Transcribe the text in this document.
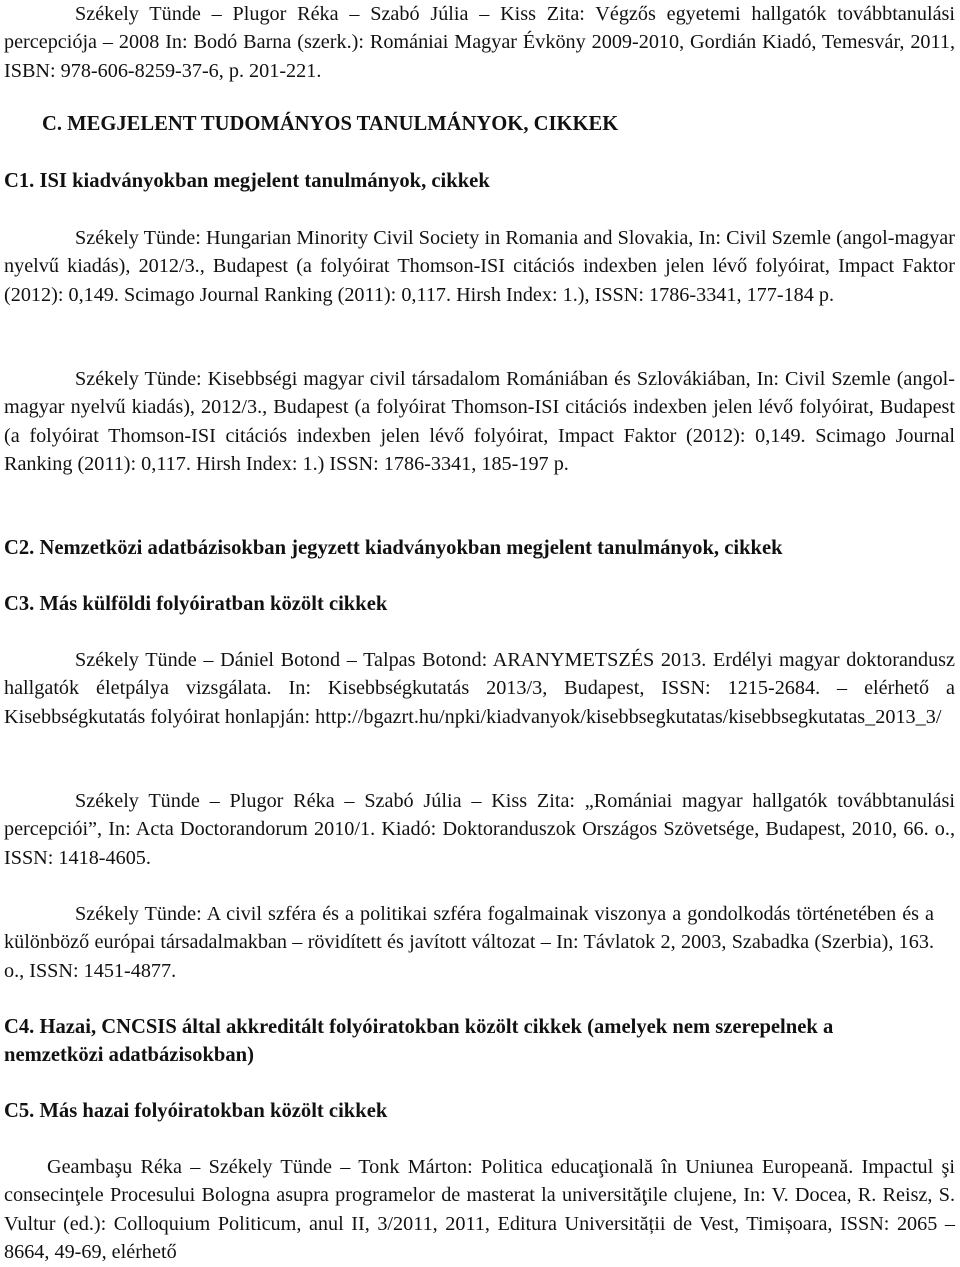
Székely Tünde – Plugor Réka – Szabó Júlia – Kiss Zita: Végzős egyetemi hallgatók továbbtanulási percepciója – 2008 In: Bodó Barna (szerk.): Romániai Magyar Évköny 2009-2010, Gordián Kiadó, Temesvár, 2011, ISBN: 978-606-8259-37-6, p. 201-221.

C. MEGJELENT TUDOMÁNYOS TANULMÁNYOK, CIKKEK

C1. ISI kiadványokban megjelent tanulmányok, cikkek

Székely Tünde: Hungarian Minority Civil Society in Romania and Slovakia, In: Civil Szemle (angol-magyar nyelvű kiadás), 2012/3., Budapest (a folyóirat Thomson-ISI citációs indexben jelen lévő folyóirat, Impact Faktor (2012): 0,149. Scimago Journal Ranking (2011): 0,117. Hirsh Index: 1.), ISSN: 1786-3341, 177-184 p.

Székely Tünde: Kisebbségi magyar civil társadalom Romániában és Szlovákiában, In: Civil Szemle (angol-magyar nyelvű kiadás), 2012/3., Budapest (a folyóirat Thomson-ISI citációs indexben jelen lévő folyóirat, Budapest (a folyóirat Thomson-ISI citációs indexben jelen lévő folyóirat, Impact Faktor (2012): 0,149. Scimago Journal Ranking (2011): 0,117. Hirsh Index: 1.) ISSN: 1786-3341, 185-197 p.

C2. Nemzetközi adatbázisokban jegyzett kiadványokban megjelent tanulmányok, cikkek

C3. Más külföldi folyóiratban közölt cikkek

Székely Tünde – Dániel Botond – Talpas Botond: ARANYMETSZÉS 2013. Erdélyi magyar doktorandusz hallgatók életpálya vizsgálata. In: Kisebbségkutatás 2013/3, Budapest, ISSN: 1215-2684. – elérhető a Kisebbségkutatás folyóirat honlapján: http://bgazrt.hu/npki/kiadvanyok/kisebbsegkutatas/kisebbsegkutatas_2013_3/

Székely Tünde – Plugor Réka – Szabó Júlia – Kiss Zita: „Romániai magyar hallgatók továbbtanulási percepciói”, In: Acta Doctorandorum 2010/1. Kiadó: Doktoranduszok Országos Szövetsége, Budapest, 2010, 66. o., ISSN: 1418-4605.

Székely Tünde: A civil szféra és a politikai szféra fogalmainak viszonya a gondolkodás történetében és a különböző európai társadalmakban – rövidített és javított változat – In: Távlatok 2, 2003, Szabadka (Szerbia), 163. o., ISSN: 1451-4877.

C4. Hazai, CNCSIS által akkreditált folyóiratokban közölt cikkek (amelyek nem szerepelnek a nemzetközi adatbázisokban)

C5. Más hazai folyóiratokban közölt cikkek

Geambaşu Réka – Székely Tünde – Tonk Márton: Politica educaţională în Uniunea Europeană. Impactul şi consecinţele Procesului Bologna asupra programelor de masterat la universităţile clujene, In: V. Docea, R. Reisz, S. Vultur (ed.): Colloquium Politicum, anul II, 3/2011, 2011, Editura Universității de Vest, Timișoara, ISSN: 2065 – 8664, 49-69, elérhető
